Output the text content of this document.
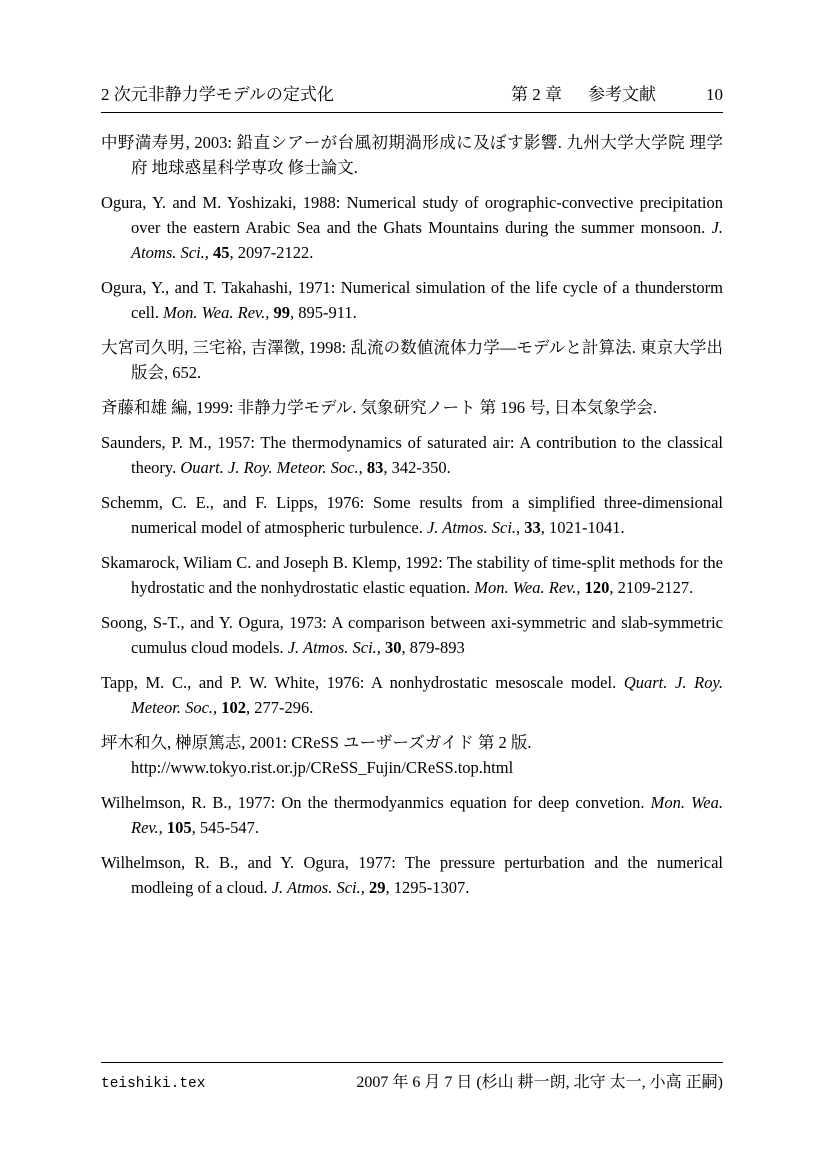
2 次元非静力学モデルの定式化	第 2 章 参考文献	10

中野満寿男, 2003: 鉛直シアーが台風初期渦形成に及ぼす影響. 九州大学大学院 理学府 地球惑星科学専攻 修士論文.

Ogura, Y. and M. Yoshizaki, 1988: Numerical study of orographic-convective precipitation over the eastern Arabic Sea and the Ghats Mountains during the summer monsoon. J. Atoms. Sci., 45, 2097-2122.

Ogura, Y., and T. Takahashi, 1971: Numerical simulation of the life cycle of a thunderstorm cell. Mon. Wea. Rev., 99, 895-911.

大宮司久明, 三宅裕, 吉澤徴, 1998: 乱流の数値流体力学—モデルと計算法. 東京大学出版会, 652.

斉藤和雄 編, 1999: 非静力学モデル. 気象研究ノート 第 196 号, 日本気象学会.

Saunders, P. M., 1957: The thermodynamics of saturated air: A contribution to the classical theory. Ouart. J. Roy. Meteor. Soc., 83, 342-350.

Schemm, C. E., and F. Lipps, 1976: Some results from a simplified three-dimensional numerical model of atmospheric turbulence. J. Atmos. Sci., 33, 1021-1041.

Skamarock, Wiliam C. and Joseph B. Klemp, 1992: The stability of time-split methods for the hydrostatic and the nonhydrostatic elastic equation. Mon. Wea. Rev., 120, 2109-2127.

Soong, S-T., and Y. Ogura, 1973: A comparison between axi-symmetric and slab-symmetric cumulus cloud models. J. Atmos. Sci., 30, 879-893

Tapp, M. C., and P. W. White, 1976: A nonhydrostatic mesoscale model. Quart. J. Roy. Meteor. Soc., 102, 277-296.

坪木和久, 榊原篤志, 2001: CReSS ユーザーズガイド 第 2 版.
http://www.tokyo.rist.or.jp/CReSS_Fujin/CReSS.top.html

Wilhelmson, R. B., 1977: On the thermodyanmics equation for deep convetion. Mon. Wea. Rev., 105, 545-547.

Wilhelmson, R. B., and Y. Ogura, 1977: The pressure perturbation and the numerical modleing of a cloud. J. Atmos. Sci., 29, 1295-1307.

teishiki.tex	2007 年 6 月 7 日 (杉山 耕一朗, 北守 太一, 小高 正嗣)
